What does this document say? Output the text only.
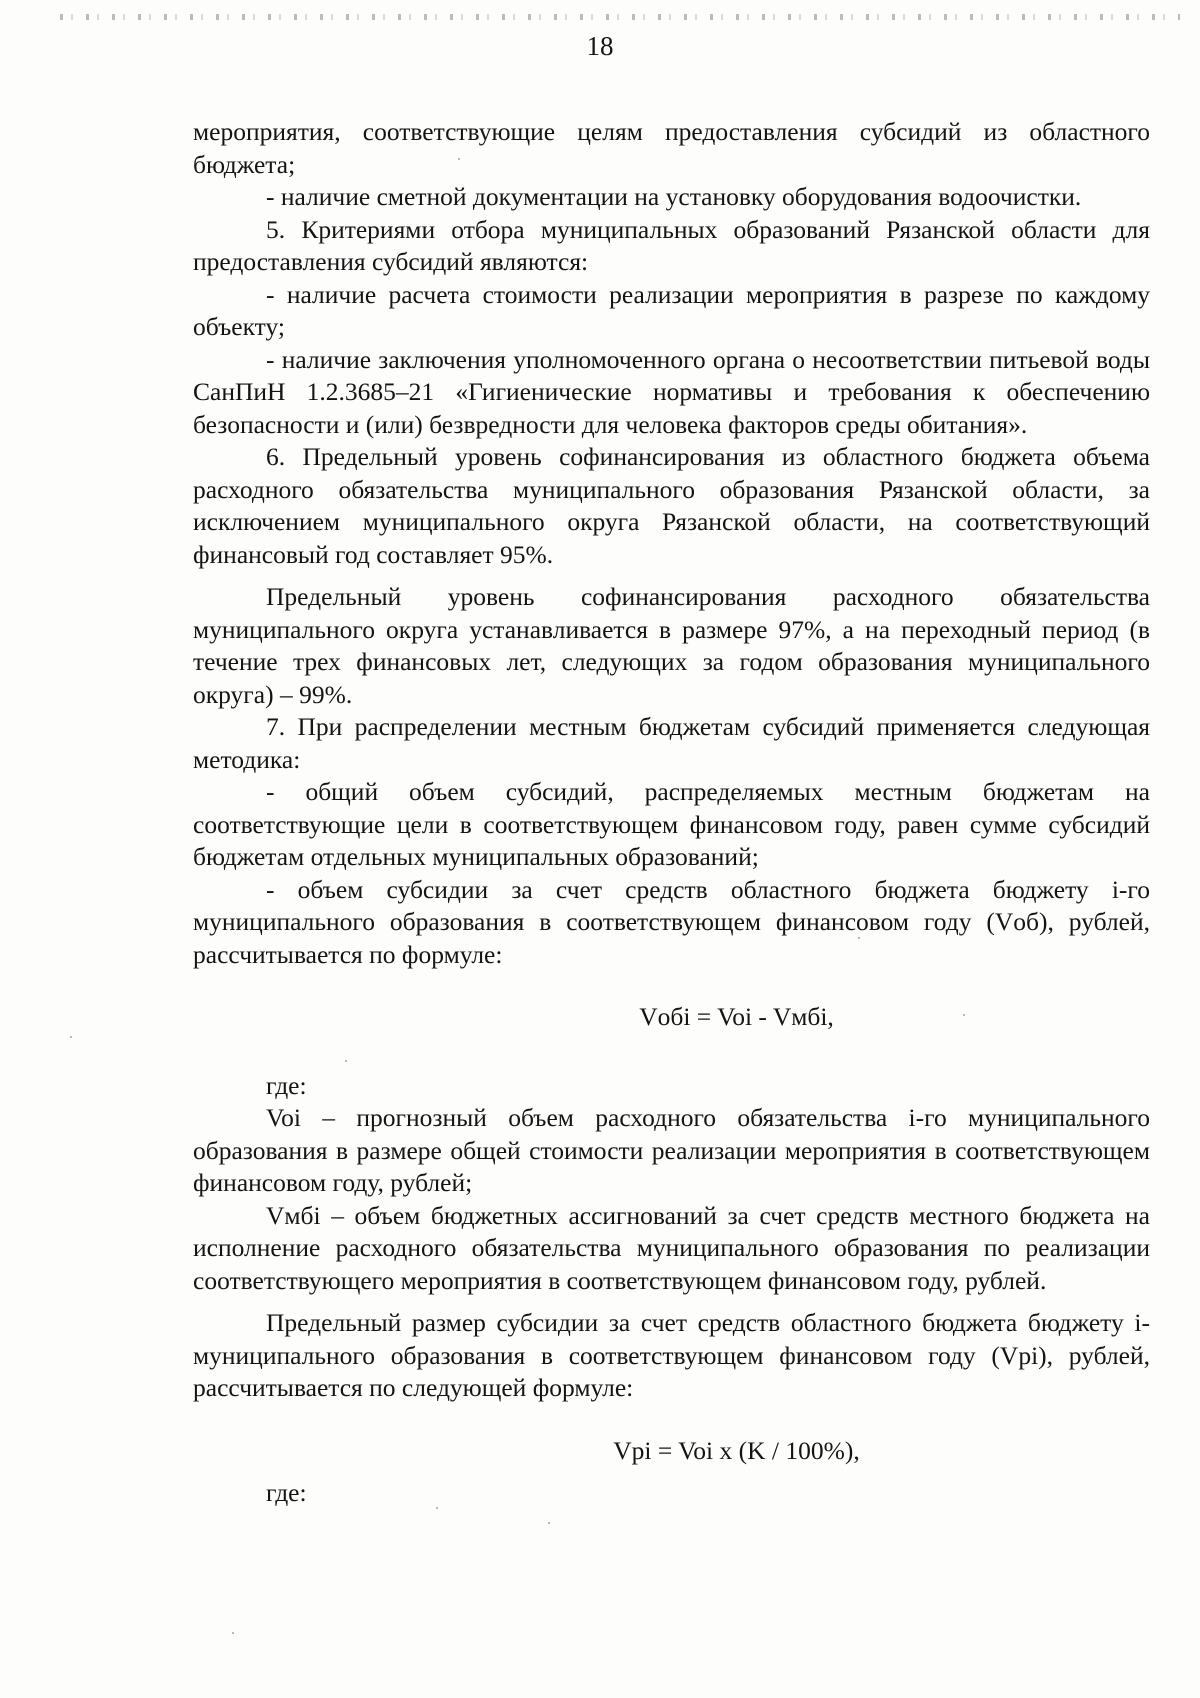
18

мероприятия, соответствующие целям предоставления субсидий из областного бюджета;

- наличие сметной документации на установку оборудования водоочистки.

5. Критериями отбора муниципальных образований Рязанской области для предоставления субсидий являются:

- наличие расчета стоимости реализации мероприятия в разрезе по каждому объекту;

- наличие заключения уполномоченного органа о несоответствии питьевой воды СанПиН 1.2.3685–21 «Гигиенические нормативы и требования к обеспечению безопасности и (или) безвредности для человека факторов среды обитания».

6. Предельный уровень софинансирования из областного бюджета объема расходного обязательства муниципального образования Рязанской области, за исключением муниципального округа Рязанской области, на соответствующий финансовый год составляет 95%.

Предельный уровень софинансирования расходного обязательства муниципального округа устанавливается в размере 97%, а на переходный период (в течение трех финансовых лет, следующих за годом образования муниципального округа) – 99%.

7. При распределении местным бюджетам субсидий применяется следующая методика:

- общий объем субсидий, распределяемых местным бюджетам на соответствующие цели в соответствующем финансовом году, равен сумме субсидий бюджетам отдельных муниципальных образований;

- объем субсидии за счет средств областного бюджета бюджету i-го муниципального образования в соответствующем финансовом году (Vоб), рублей, рассчитывается по формуле:

Vобi = Voi - Vмбi,

где:

Voi – прогнозный объем расходного обязательства i-го муниципального образования в размере общей стоимости реализации мероприятия в соответствующем финансовом году, рублей;

Vмбi – объем бюджетных ассигнований за счет средств местного бюджета на исполнение расходного обязательства муниципального образования по реализации соответствующего мероприятия в соответствующем финансовом году, рублей.

Предельный размер субсидии за счет средств областного бюджета бюджету i-муниципального образования в соответствующем финансовом году (Vpi), рублей, рассчитывается по следующей формуле:

Vpi = Voi x (K / 100%),

где:
